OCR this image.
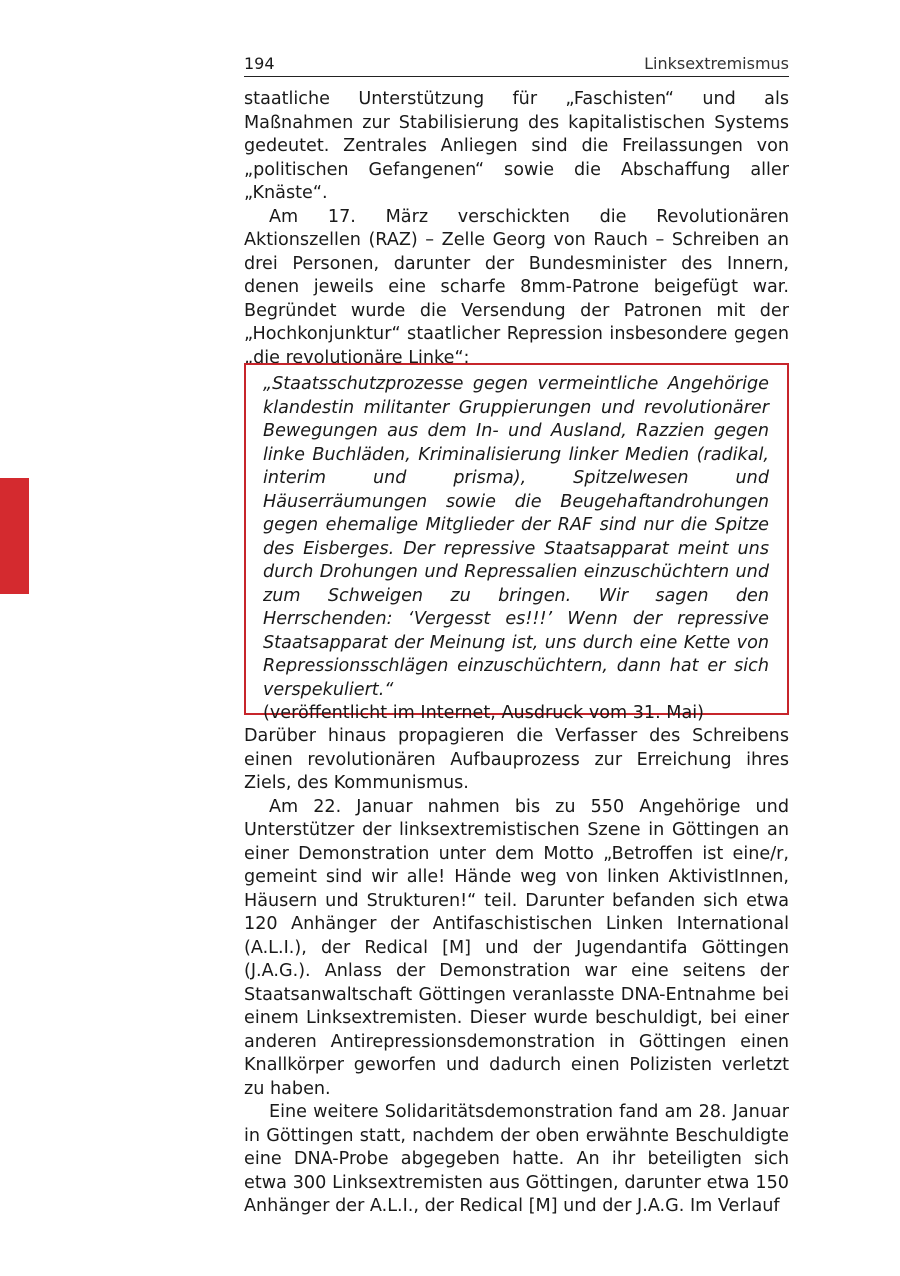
194	Linksextremismus

staatliche Unterstützung für „Faschisten“ und als Maßnahmen zur Stabilisierung des kapitalistischen Systems gedeutet. Zentrales Anliegen sind die Freilassungen von „politischen Gefangenen“ sowie die Abschaffung aller „Knäste“.

Am 17. März verschickten die Revolutionären Aktionszellen (RAZ) – Zelle Georg von Rauch – Schreiben an drei Personen, darunter der Bundesminister des Innern, denen jeweils eine scharfe 8mm-Patrone beigefügt war. Begründet wurde die Versendung der Patronen mit der „Hochkonjunktur“ staatlicher Repression insbesondere gegen „die revolutionäre Linke“:

„Staatsschutzprozesse gegen vermeintliche Angehörige klandestin militanter Gruppierungen und revolutionärer Bewegungen aus dem In- und Ausland, Razzien gegen linke Buchläden, Kriminalisierung linker Medien (radikal, interim und prisma), Spitzelwesen und Häuserräumungen sowie die Beugehaftandrohungen gegen ehemalige Mitglieder der RAF sind nur die Spitze des Eisberges. Der repressive Staatsapparat meint uns durch Drohungen und Repressalien einzuschüchtern und zum Schweigen zu bringen. Wir sagen den Herrschenden: ‘Vergesst es!!!’ Wenn der repressive Staatsapparat der Meinung ist, uns durch eine Kette von Repressionsschlägen einzuschüchtern, dann hat er sich verspekuliert.“

(veröffentlicht im Internet, Ausdruck vom 31. Mai)

Darüber hinaus propagieren die Verfasser des Schreibens einen revolutionären Aufbauprozess zur Erreichung ihres Ziels, des Kommunismus.

Am 22. Januar nahmen bis zu 550 Angehörige und Unterstützer der linksextremistischen Szene in Göttingen an einer Demonstration unter dem Motto „Betroffen ist eine/r, gemeint sind wir alle! Hände weg von linken AktivistInnen, Häusern und Strukturen!“ teil. Darunter befanden sich etwa 120 Anhänger der Antifaschistischen Linken International (A.L.I.), der Redical [M] und der Jugendantifa Göttingen (J.A.G.). Anlass der Demonstration war eine seitens der Staatsanwaltschaft Göttingen veranlasste DNA-Entnahme bei einem Linksextremisten. Dieser wurde beschuldigt, bei einer anderen Antirepressionsdemonstration in Göttingen einen Knallkörper geworfen und dadurch einen Polizisten verletzt zu haben.

Eine weitere Solidaritätsdemonstration fand am 28. Januar in Göttingen statt, nachdem der oben erwähnte Beschuldigte eine DNA-Probe abgegeben hatte. An ihr beteiligten sich etwa 300 Linksextremisten aus Göttingen, darunter etwa 150 Anhänger der A.L.I., der Redical [M] und der J.A.G. Im Verlauf
